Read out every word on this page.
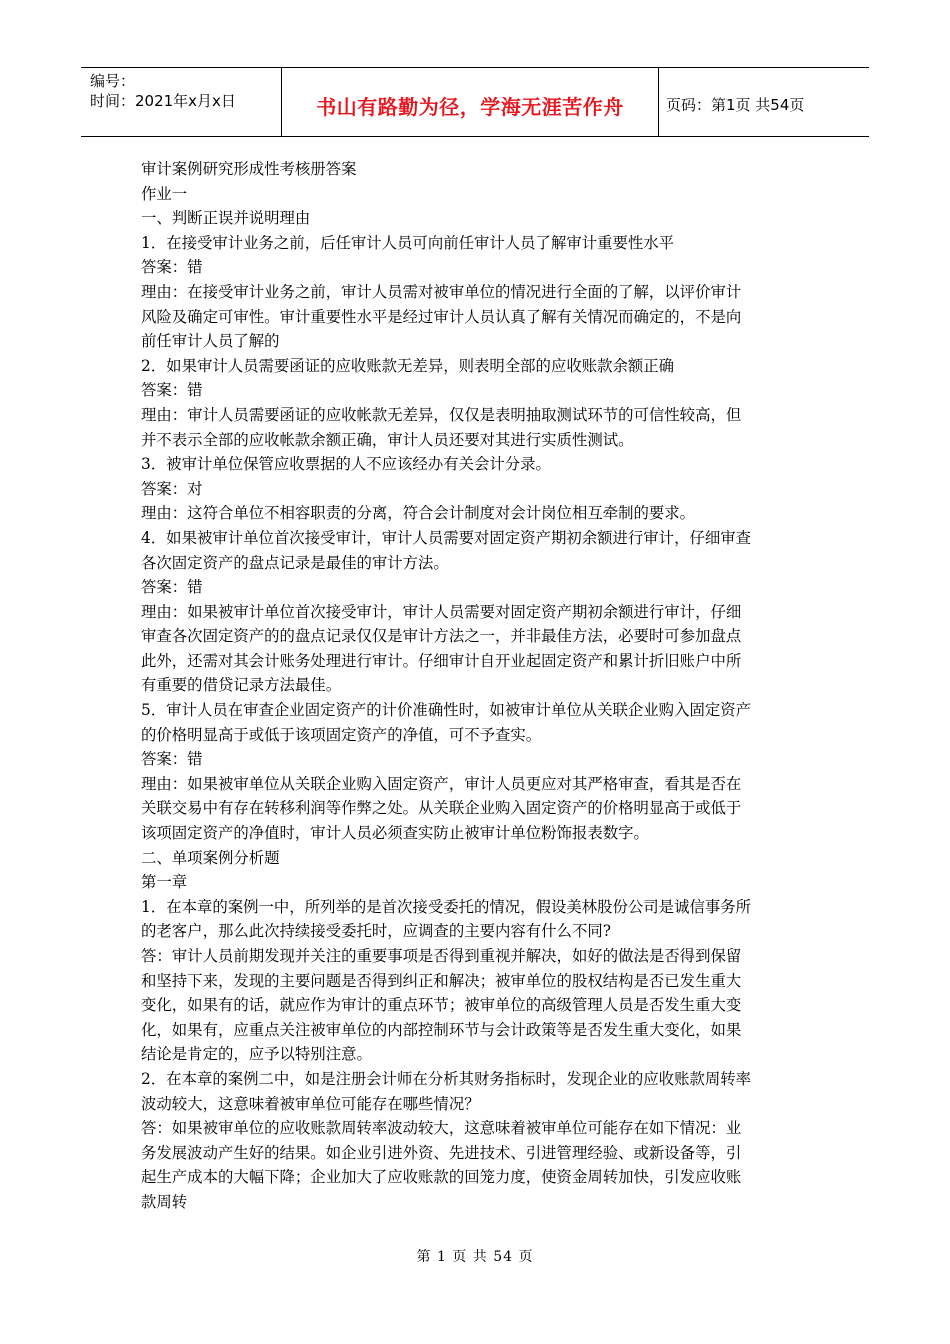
编号：
时间：2021年x月x日	书山有路勤为径，学海无涯苦作舟	页码：第1页 共54页
审计案例研究形成性考核册答案
作业一
一、判断正误并说明理由
1．在接受审计业务之前，后任审计人员可向前任审计人员了解审计重要性水平
答案：错
理由：在接受审计业务之前，审计人员需对被审单位的情况进行全面的了解，以评价审计
风险及确定可审性。审计重要性水平是经过审计人员认真了解有关情况而确定的，不是向
前任审计人员了解的
2．如果审计人员需要函证的应收账款无差异，则表明全部的应收账款余额正确
答案：错
理由：审计人员需要函证的应收帐款无差异，仅仅是表明抽取测试环节的可信性较高，但
并不表示全部的应收帐款余额正确，审计人员还要对其进行实质性测试。
3．被审计单位保管应收票据的人不应该经办有关会计分录。
答案：对
理由：这符合单位不相容职责的分离，符合会计制度对会计岗位相互牵制的要求。
4．如果被审计单位首次接受审计，审计人员需要对固定资产期初余额进行审计，仔细审查
各次固定资产的盘点记录是最佳的审计方法。
答案：错
理由：如果被审计单位首次接受审计，审计人员需要对固定资产期初余额进行审计，仔细
审查各次固定资产的的盘点记录仅仅是审计方法之一，并非最佳方法，必要时可参加盘点
此外，还需对其会计账务处理进行审计。仔细审计自开业起固定资产和累计折旧账户中所
有重要的借贷记录方法最佳。
5．审计人员在审查企业固定资产的计价准确性时，如被审计单位从关联企业购入固定资产
的价格明显高于或低于该项固定资产的净值，可不予查实。
答案：错
理由：如果被审单位从关联企业购入固定资产，审计人员更应对其严格审查，看其是否在
关联交易中有存在转移利润等作弊之处。从关联企业购入固定资产的价格明显高于或低于
该项固定资产的净值时，审计人员必须查实防止被审计单位粉饰报表数字。
二、单项案例分析题
第一章
1．在本章的案例一中，所列举的是首次接受委托的情况，假设美林股份公司是诚信事务所
的老客户，那么此次持续接受委托时，应调查的主要内容有什么不同?
答：审计人员前期发现并关注的重要事项是否得到重视并解决，如好的做法是否得到保留
和坚持下来，发现的主要问题是否得到纠正和解决；被审单位的股权结构是否已发生重大
变化，如果有的话，就应作为审计的重点环节；被审单位的高级管理人员是否发生重大变
化，如果有，应重点关注被审单位的内部控制环节与会计政策等是否发生重大变化，如果
结论是肯定的，应予以特别注意。
2．在本章的案例二中，如是注册会计师在分析其财务指标时，发现企业的应收账款周转率
波动较大，这意味着被审单位可能存在哪些情况？
答：如果被审单位的应收账款周转率波动较大，这意味着被审单位可能存在如下情况：业
务发展波动产生好的结果。如企业引进外资、先进技术、引进管理经验、或新设备等，引
起生产成本的大幅下降；企业加大了应收账款的回笼力度，使资金周转加快，引发应收账
款周转
第 1 页 共 54 页
